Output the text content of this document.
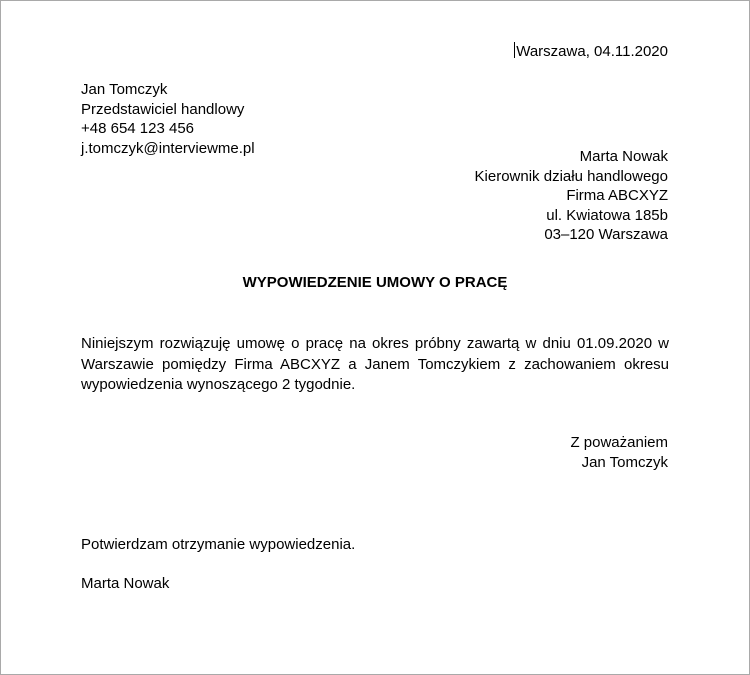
Warszawa, 04.11.2020
Jan Tomczyk
Przedstawiciel handlowy
+48 654 123 456
j.tomczyk@interviewme.pl	Marta Nowak
Kierownik działu handlowego
Firma ABCXYZ
ul. Kwiatowa 185b
03–120 Warszawa
WYPOWIEDZENIE UMOWY O PRACĘ
Niniejszym rozwiązuję umowę o pracę na okres próbny zawartą w dniu 01.09.2020 w Warszawie pomiędzy Firma ABCXYZ a Janem Tomczykiem z zachowaniem okresu wypowiedzenia wynoszącego 2 tygodnie.
Z poważaniem
Jan Tomczyk
Potwierdzam otrzymanie wypowiedzenia.
Marta Nowak
